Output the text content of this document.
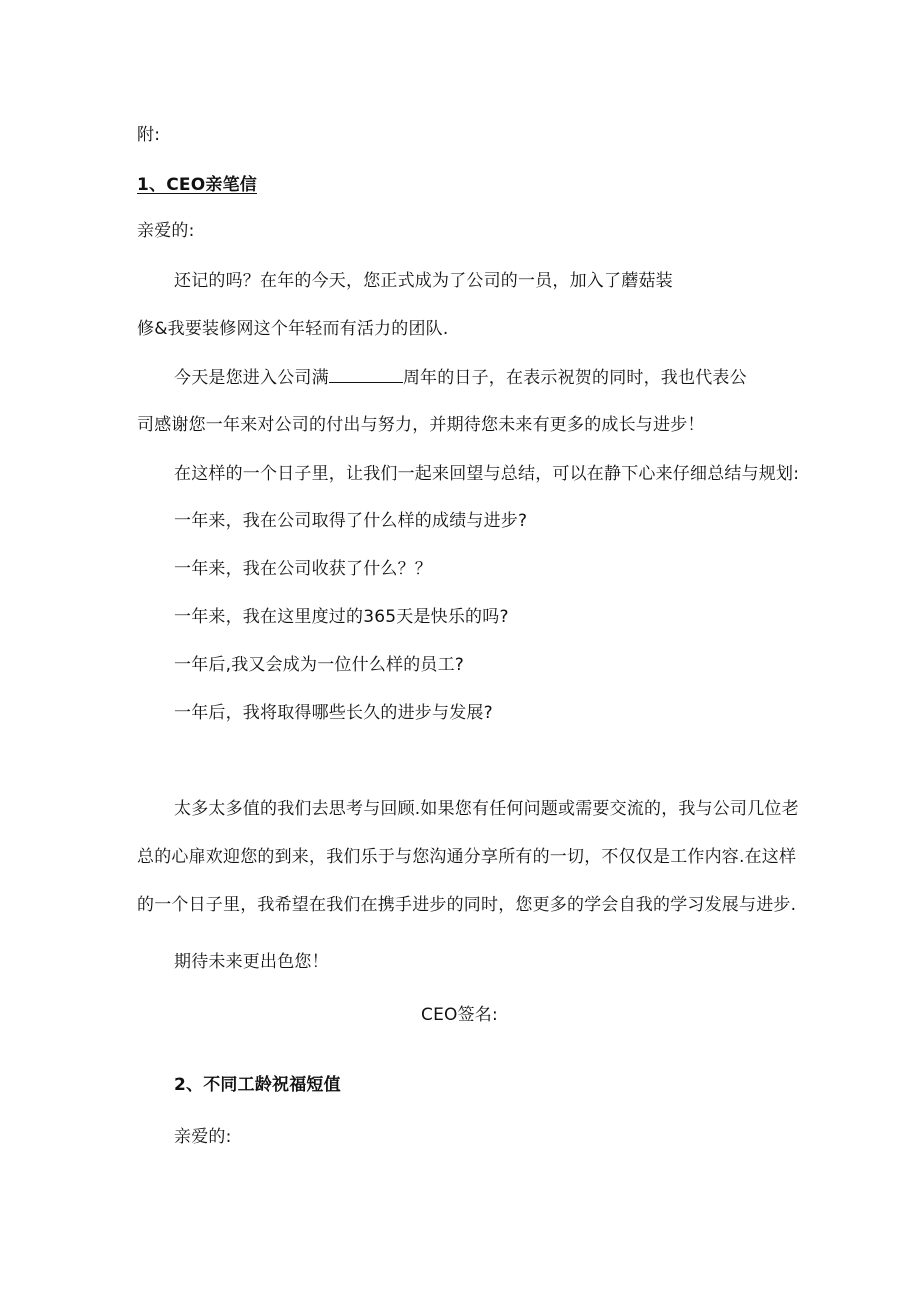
附:
1、CEO亲笔信
亲爱的:
还记的吗？在年的今天，您正式成为了公司的一员，加入了蘑菇装
修&我要装修网这个年轻而有活力的团队.
今天是您进入公司满	周年的日子，在表示祝贺的同时，我也代表公
司感谢您一年来对公司的付出与努力，并期待您未来有更多的成长与进步！
在这样的一个日子里，让我们一起来回望与总结，可以在静下心来仔细总结与规划:
一年来，我在公司取得了什么样的成绩与进步?
一年来，我在公司收获了什么？？
一年来，我在这里度过的365天是快乐的吗?
一年后,我又会成为一位什么样的员工?
一年后，我将取得哪些长久的进步与发展?
太多太多值的我们去思考与回顾.如果您有任何问题或需要交流的，我与公司几位老
总的心扉欢迎您的到来，我们乐于与您沟通分享所有的一切，不仅仅是工作内容.在这样
的一个日子里，我希望在我们在携手进步的同时，您更多的学会自我的学习发展与进步.
期待未来更出色您！
CEO签名:
2、不同工龄祝福短值
亲爱的:
